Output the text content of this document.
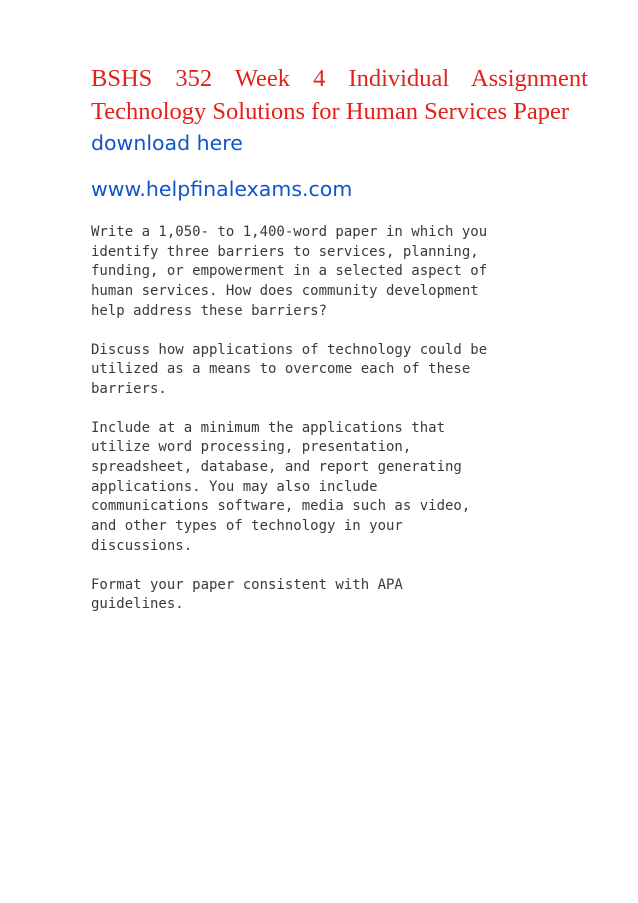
BSHS 352 Week 4 Individual Assignment Technology Solutions for Human Services Paper
download here
www.helpfinalexams.com

Write a 1,050- to 1,400-word paper in which you
identify three barriers to services, planning,
funding, or empowerment in a selected aspect of
human services. How does community development
help address these barriers?

Discuss how applications of technology could be
utilized as a means to overcome each of these
barriers.

Include at a minimum the applications that
utilize word processing, presentation,
spreadsheet, database, and report generating
applications. You may also include
communications software, media such as video,
and other types of technology in your
discussions.

Format your paper consistent with APA
guidelines.
